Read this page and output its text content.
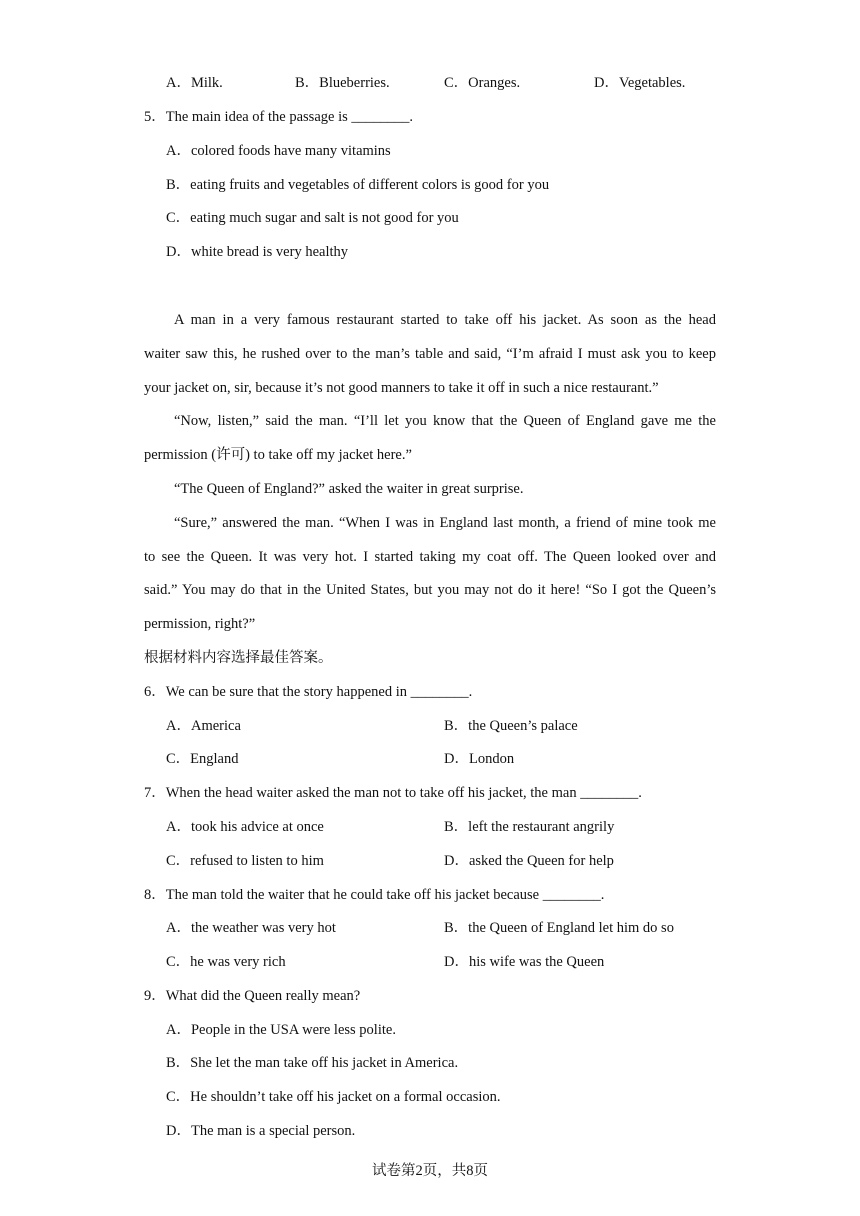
A．Milk.	B．Blueberries.	C．Oranges.	D．Vegetables.
5．The main idea of the passage is ________.
A．colored foods have many vitamins
B．eating fruits and vegetables of different colors is good for you
C．eating much sugar and salt is not good for you
D．white bread is very healthy
A man in a very famous restaurant started to take off his jacket. As soon as the head
waiter saw this, he rushed over to the man’s table and said, “I’m afraid I must ask you to keep
your jacket on, sir, because it’s not good manners to take it off in such a nice restaurant.”
“Now, listen,” said the man. “I’ll let you know that the Queen of England gave me the
permission (许可) to take off my jacket here.”
“The Queen of England?” asked the waiter in great surprise.
“Sure,” answered the man. “When I was in England last month, a friend of mine took me
to see the Queen. It was very hot. I started taking my coat off. The Queen looked over and
said.” You may do that in the United States, but you may not do it here! “So I got the Queen’s
permission, right?”
根据材料内容选择最佳答案。
6．We can be sure that the story happened in ________.
A．America	B．the Queen’s palace
C．England	D．London
7．When the head waiter asked the man not to take off his jacket, the man ________.
A．took his advice at once	B．left the restaurant angrily
C．refused to listen to him	D．asked the Queen for help
8．The man told the waiter that he could take off his jacket because ________.
A．the weather was very hot	B．the Queen of England let him do so
C．he was very rich	D．his wife was the Queen
9．What did the Queen really mean?
A．People in the USA were less polite.
B．She let the man take off his jacket in America.
C．He shouldn’t take off his jacket on a formal occasion.
D．The man is a special person.
试卷第2页，共8页
